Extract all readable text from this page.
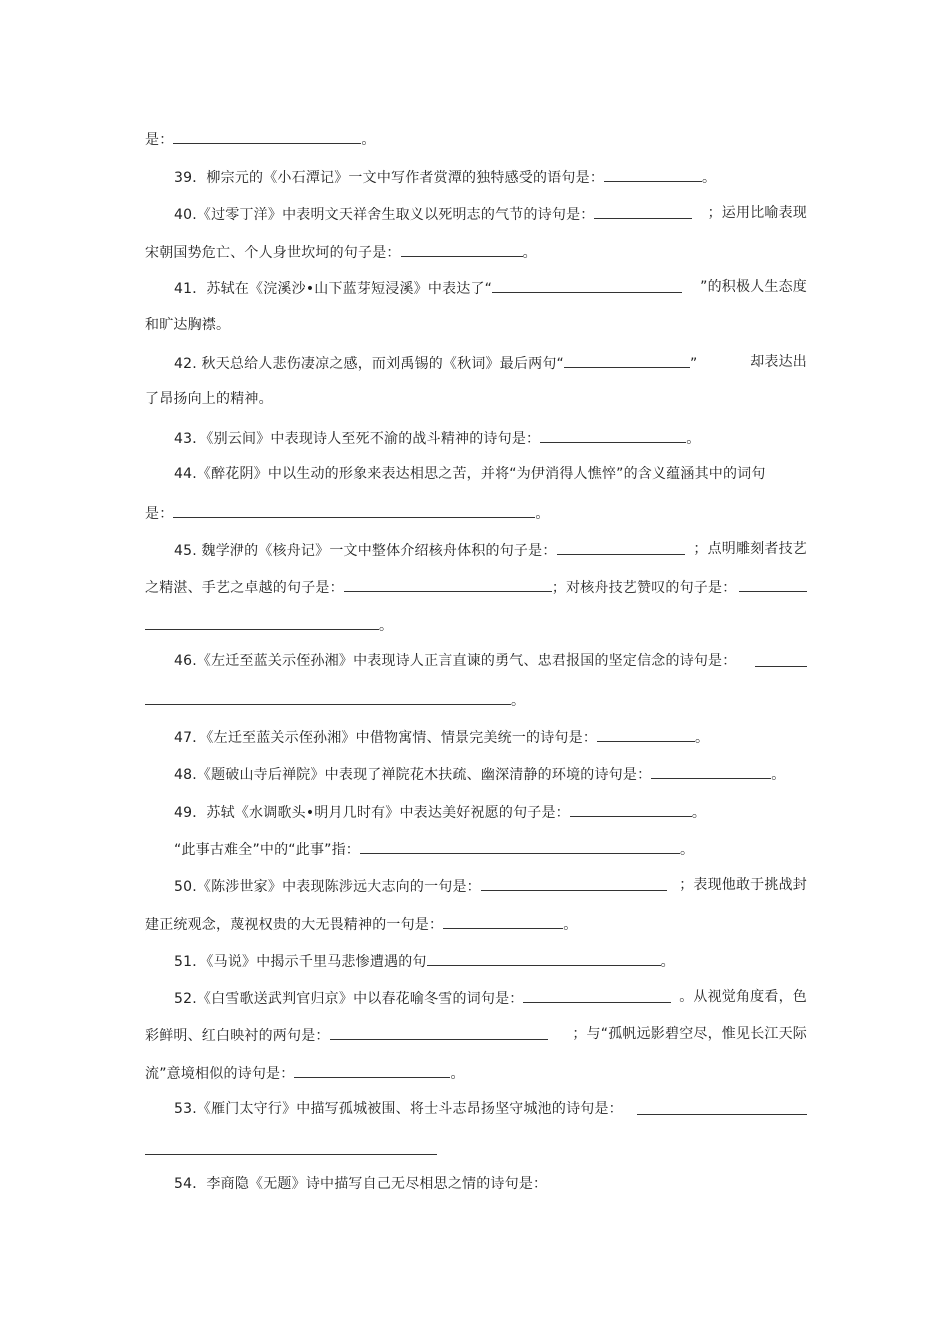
是：	。
39．柳宗元的《小石潭记》一文中写作者赏潭的独特感受的语句是：	。
40.《过零丁洋》中表明文天祥舍生取义以死明志的气节的诗句是：	；运用比喻表现
宋朝国势危亡、个人身世坎坷的句子是：	。
41．苏轼在《浣溪沙•山下蓝芽短浸溪》中表达了“	”的积极人生态度
和旷达胸襟。
42. 秋天总给人悲伤凄凉之感，而刘禹锡的《秋词》最后两句“	”	却表达出
了昂扬向上的精神。
43．《别云间》中表现诗人至死不渝的战斗精神的诗句是：	。
44.《醉花阴》中以生动的形象来表达相思之苦，并将“为伊消得人憔悴”的含义蕴涵其中的词句
是：	。
45. 魏学洢的《核舟记》一文中整体介绍核舟体积的句子是：	；点明雕刻者技艺
之精湛、手艺之卓越的句子是：	；对核舟技艺赞叹的句子是：
。
46.《左迁至蓝关示侄孙湘》中表现诗人正言直谏的勇气、忠君报国的坚定信念的诗句是：
。
47．《左迁至蓝关示侄孙湘》中借物寓情、情景完美统一的诗句是：	。
48.《题破山寺后禅院》中表现了禅院花木扶疏、幽深清静的环境的诗句是：	。
49．苏轼《水调歌头•明月几时有》中表达美好祝愿的句子是：	。
“此事古难全”中的“此事”指：	。
50.《陈涉世家》中表现陈涉远大志向的一句是：	；表现他敢于挑战封
建正统观念，蔑视权贵的大无畏精神的一句是：	。
51．《马说》中揭示千里马悲惨遭遇的句	。
52.《白雪歌送武判官归京》中以春花喻冬雪的词句是：	。从视觉角度看，色
彩鲜明、红白映衬的两句是：	；与“孤帆远影碧空尽，惟见长江天际
流”意境相似的诗句是：	。
53.《雁门太守行》中描写孤城被围、将士斗志昂扬坚守城池的诗句是：
54．李商隐《无题》诗中描写自己无尽相思之情的诗句是：
